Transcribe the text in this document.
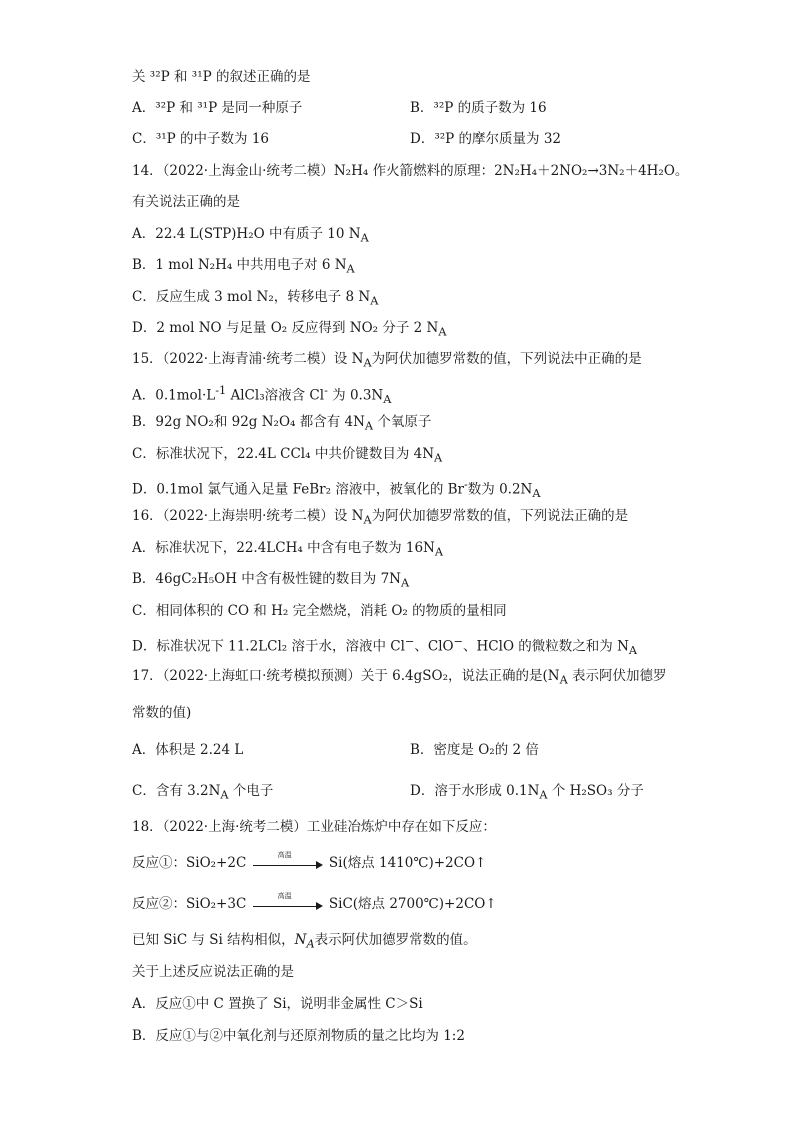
关 ³²P 和 ³¹P 的叙述正确的是
A．³²P 和 ³¹P 是同一种原子	B．³²P 的质子数为 16
C．³¹P 的中子数为 16	D．³²P 的摩尔质量为 32
14．（2022·上海金山·统考二模）N₂H₄ 作火箭燃料的原理：2N₂H₄＋2NO₂→3N₂＋4H₂O。
有关说法正确的是
A．22.4 L(STP)H₂O 中有质子 10 $N_A$
B．1 mol N₂H₄ 中共用电子对 6 $N_A$
C．反应生成 3 mol N₂，转移电子 8 $N_A$
D．2 mol NO 与足量 O₂ 反应得到 NO₂ 分子 2 $N_A$
15．（2022·上海青浦·统考二模）设 $N_A$为阿伏加德罗常数的值，下列说法中正确的是
A．$0.1mol\cdot L^{-1}$ AlCl₃溶液含 Cl- 为 $0.3N_A$
B．92g NO₂和 92g N₂O₄ 都含有 $4N_A$ 个氧原子
C．标准状况下，22.4L CCl₄ 中共价键数目为 $4N_A$
D．0.1mol 氯气通入足量 FeBr₂ 溶液中，被氧化的 Br-数为 $0.2N_A$
16．（2022·上海崇明·统考二模）设 $N_A$为阿伏加德罗常数的值，下列说法正确的是
A．标准状况下，22.4LCH₄ 中含有电子数为 $16N_A$
B．46gC₂H₅OH 中含有极性键的数目为 $7N_A$
C．相同体积的 CO 和 H₂ 完全燃烧，消耗 O₂ 的物质的量相同
D．标准状况下 11.2LCl₂ 溶于水，溶液中 Cl−、ClO−、HClO 的微粒数之和为 $N_A$
17．（2022·上海虹口·统考模拟预测）关于 6.4gSO₂，说法正确的是($N_A$ 表示阿伏加德罗
常数的值)
A．体积是 2.24 L	B．密度是 O₂的 2 倍
C．含有 $3.2N_A$ 个电子	D．溶于水形成 $0.1N_A$ 个 H₂SO₃ 分子
18．（2022·上海·统考二模）工业硅冶炼炉中存在如下反应：
反应①：SiO₂+2C
高温
Si(熔点 1410℃)+2CO↑
反应②：SiO₂+3C
高温
SiC(熔点 2700℃)+2CO↑
已知 SiC 与 Si 结构相似，$N_A$表示阿伏加德罗常数的值。
关于上述反应说法正确的是
A．反应①中 C 置换了 Si，说明非金属性 C＞Si
B．反应①与②中氧化剂与还原剂物质的量之比均为 1:2
